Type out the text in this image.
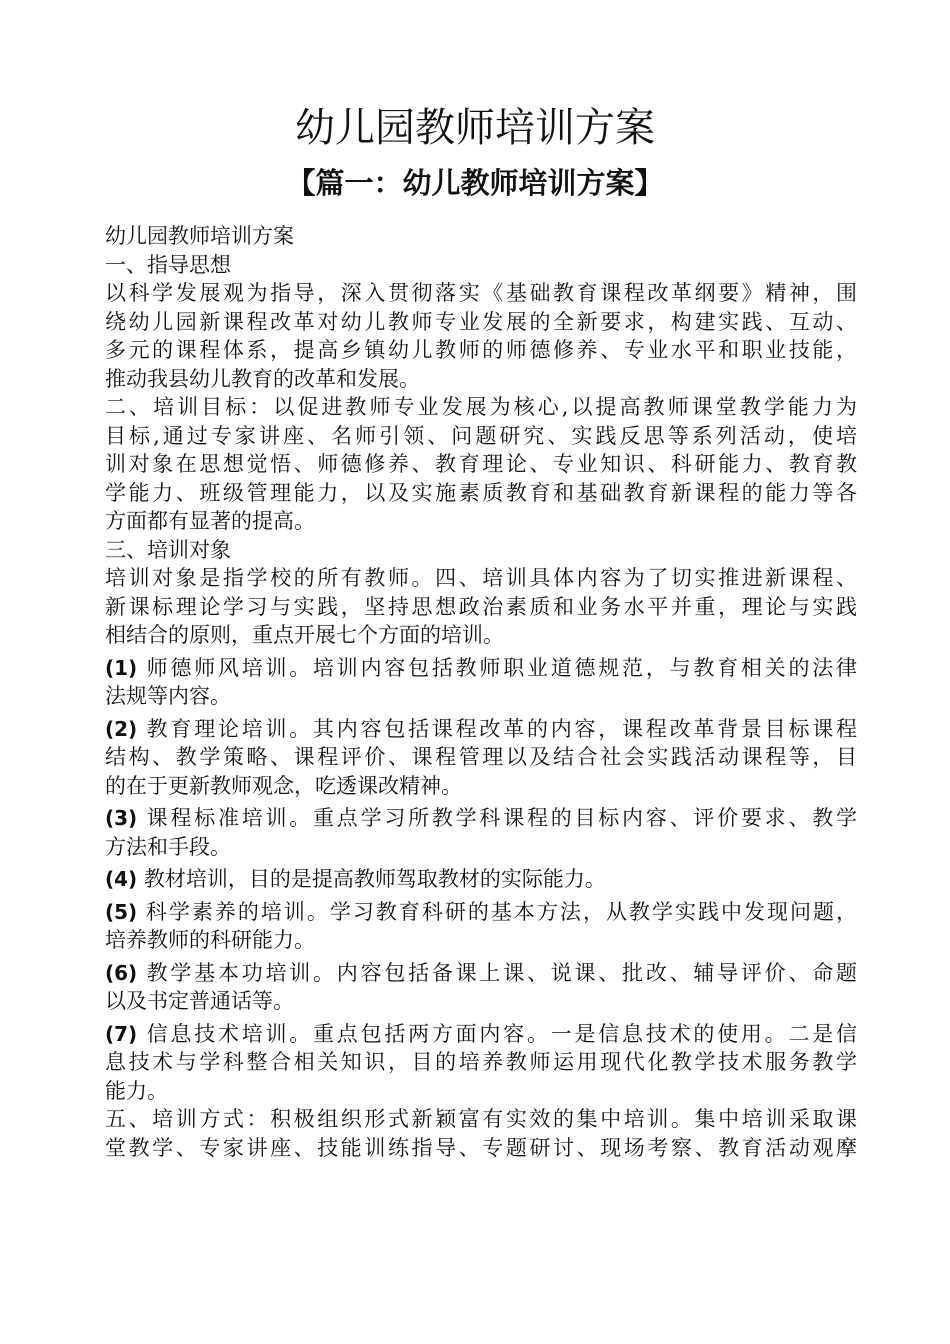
幼儿园教师培训方案
【篇一：幼儿教师培训方案】
幼儿园教师培训方案
一、指导思想
以科学发展观为指导，深入贯彻落实《基础教育课程改革纲要》精神，围
绕幼儿园新课程改革对幼儿教师专业发展的全新要求，构建实践、互动、
多元的课程体系，提高乡镇幼儿教师的师德修养、专业水平和职业技能，
推动我县幼儿教育的改革和发展。
二、培训目标：以促进教师专业发展为核心,以提高教师课堂教学能力为
目标,通过专家讲座、名师引领、问题研究、实践反思等系列活动，使培
训对象在思想觉悟、师德修养、教育理论、专业知识、科研能力、教育教
学能力、班级管理能力，以及实施素质教育和基础教育新课程的能力等各
方面都有显著的提高。
三、培训对象
培训对象是指学校的所有教师。四、培训具体内容为了切实推进新课程、
新课标理论学习与实践，坚持思想政治素质和业务水平并重，理论与实践
相结合的原则，重点开展七个方面的培训。
(1) 师德师风培训。培训内容包括教师职业道德规范，与教育相关的法律
法规等内容。
(2) 教育理论培训。其内容包括课程改革的内容，课程改革背景目标课程
结构、教学策略、课程评价、课程管理以及结合社会实践活动课程等，目
的在于更新教师观念，吃透课改精神。
(3) 课程标准培训。重点学习所教学科课程的目标内容、评价要求、教学
方法和手段。
(4) 教材培训，目的是提高教师驾取教材的实际能力。
(5) 科学素养的培训。学习教育科研的基本方法，从教学实践中发现问题，
培养教师的科研能力。
(6) 教学基本功培训。内容包括备课上课、说课、批改、辅导评价、命题
以及书定普通话等。
(7) 信息技术培训。重点包括两方面内容。一是信息技术的使用。二是信
息技术与学科整合相关知识，目的培养教师运用现代化教学技术服务教学
能力。
五、培训方式：积极组织形式新颖富有实效的集中培训。集中培训采取课
堂教学、专家讲座、技能训练指导、专题研讨、现场考察、教育活动观摩
